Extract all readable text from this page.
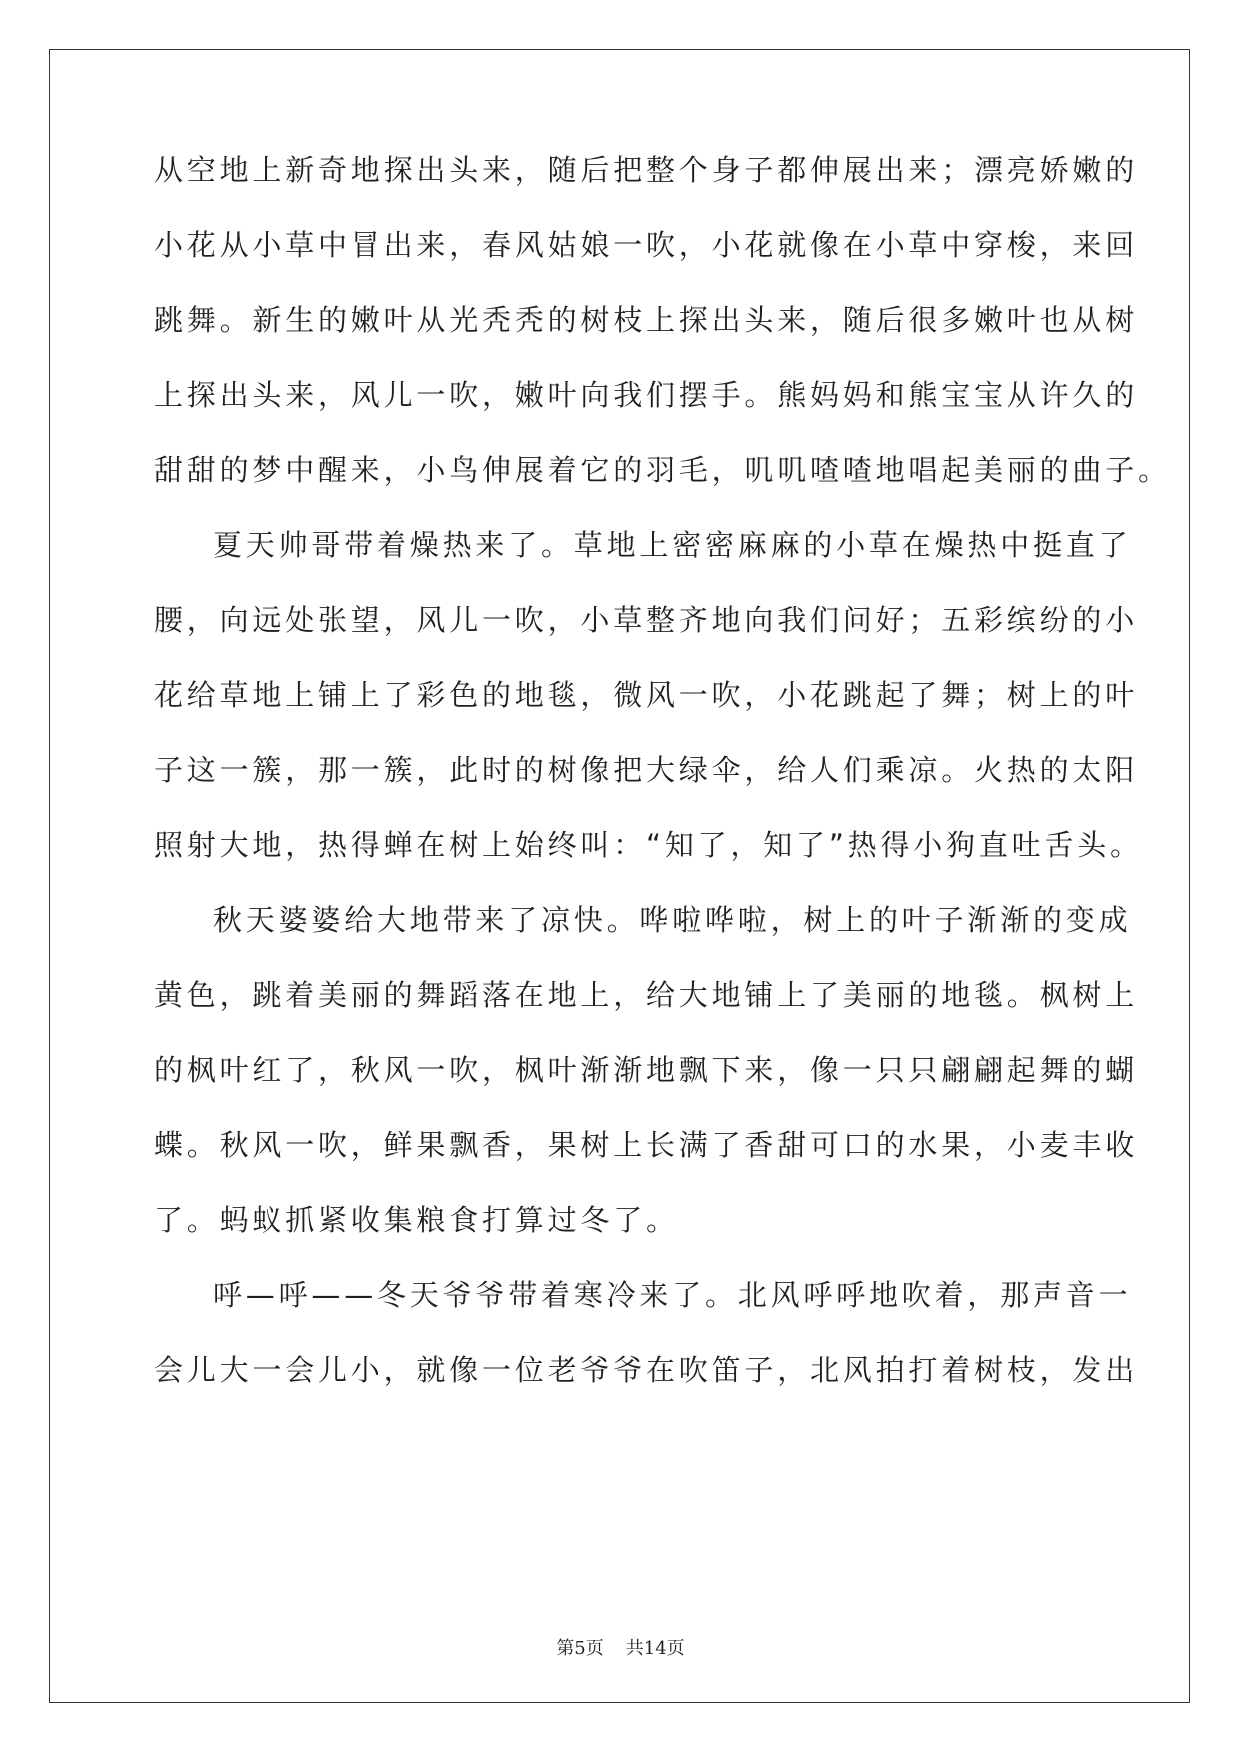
从空地上新奇地探出头来，随后把整个身子都伸展出来；漂亮娇嫩的
小花从小草中冒出来，春风姑娘一吹，小花就像在小草中穿梭，来回
跳舞。新生的嫩叶从光秃秃的树枝上探出头来，随后很多嫩叶也从树
上探出头来，风儿一吹，嫩叶向我们摆手。熊妈妈和熊宝宝从许久的
甜甜的梦中醒来，小鸟伸展着它的羽毛，叽叽喳喳地唱起美丽的曲子。
夏天帅哥带着燥热来了。草地上密密麻麻的小草在燥热中挺直了
腰，向远处张望，风儿一吹，小草整齐地向我们问好；五彩缤纷的小
花给草地上铺上了彩色的地毯，微风一吹，小花跳起了舞；树上的叶
子这一簇，那一簇，此时的树像把大绿伞，给人们乘凉。火热的太阳
照射大地，热得蝉在树上始终叫：“知了，知了”热得小狗直吐舌头。
秋天婆婆给大地带来了凉快。哗啦哗啦，树上的叶子渐渐的变成
黄色，跳着美丽的舞蹈落在地上，给大地铺上了美丽的地毯。枫树上
的枫叶红了，秋风一吹，枫叶渐渐地飘下来，像一只只翩翩起舞的蝴
蝶。秋风一吹，鲜果飘香，果树上长满了香甜可口的水果，小麦丰收
了。蚂蚁抓紧收集粮食打算过冬了。
呼—呼——冬天爷爷带着寒冷来了。北风呼呼地吹着，那声音一
会儿大一会儿小，就像一位老爷爷在吹笛子，北风拍打着树枝，发出
第5页 共14页
